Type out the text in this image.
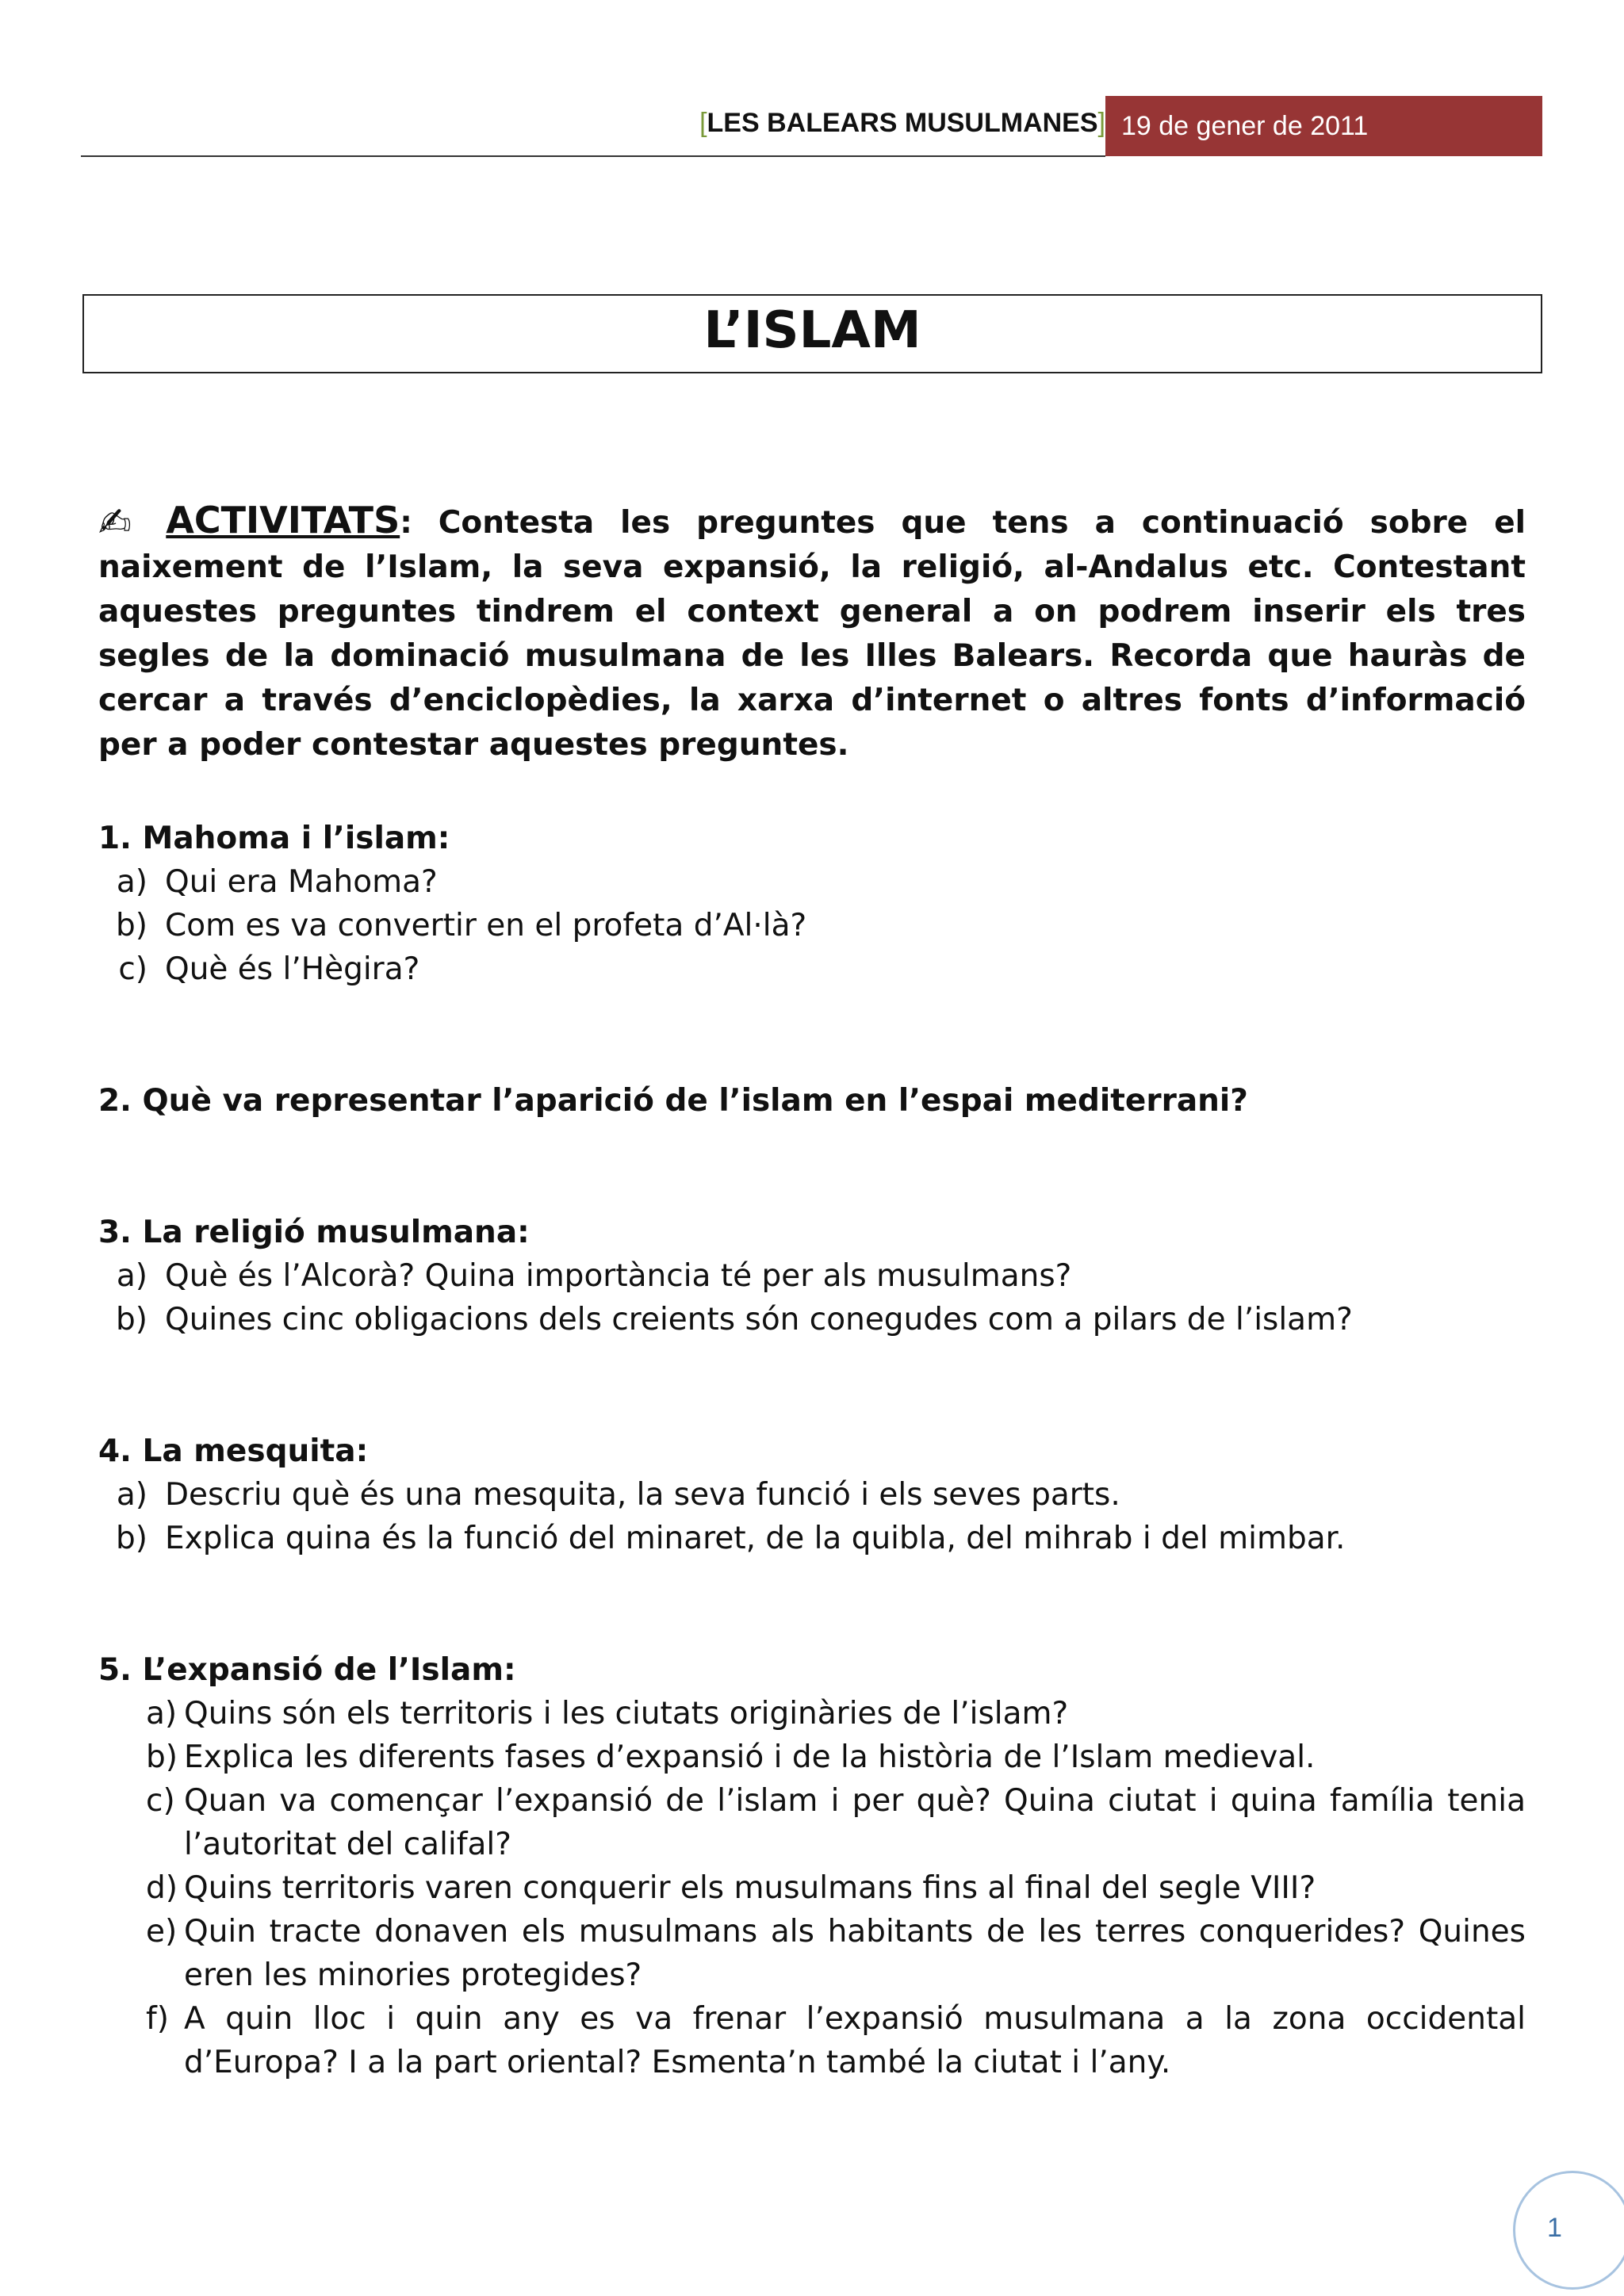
[LES BALEARS MUSULMANES] 19 de gener de 2011
L’ISLAM
✍ ACTIVITATS: Contesta les preguntes que tens a continuació sobre el naixement de l’Islam, la seva expansió, la religió, al-Andalus etc. Contestant aquestes preguntes tindrem el context general a on podrem inserir els tres segles de la dominació musulmana de les Illes Balears. Recorda que hauràs de cercar a través d’enciclopèdies, la xarxa d’internet o altres fonts d’informació per a poder contestar aquestes preguntes.
1. Mahoma i l’islam:
a) Qui era Mahoma?
b) Com es va convertir en el profeta d’Al·là?
c) Què és l’Hègira?
2. Què va representar l’aparició de l’islam en l’espai mediterrani?
3. La religió musulmana:
a) Què és l’Alcorà? Quina importància té per als musulmans?
b) Quines cinc obligacions dels creients són conegudes com a pilars de l’islam?
4. La mesquita:
a) Descriu què és una mesquita, la seva funció i els seves parts.
b) Explica quina és la funció del minaret, de la quibla, del mihrab i del mimbar.
5. L’expansió de l’Islam:
a) Quins són els territoris i les ciutats originàries de l’islam?
b) Explica les diferents fases d’expansió i de la història de l’Islam medieval.
c) Quan va començar l’expansió de l’islam i per què? Quina ciutat i quina família tenia l’autoritat del califal?
d) Quins territoris varen conquerir els musulmans fins al final del segle VIII?
e) Quin tracte donaven els musulmans als habitants de les terres conquerides? Quines eren les minories protegides?
f) A quin lloc i quin any es va frenar l’expansió musulmana a la zona occidental d’Europa? I a la part oriental? Esmenta’n també la ciutat i l’any.
1
